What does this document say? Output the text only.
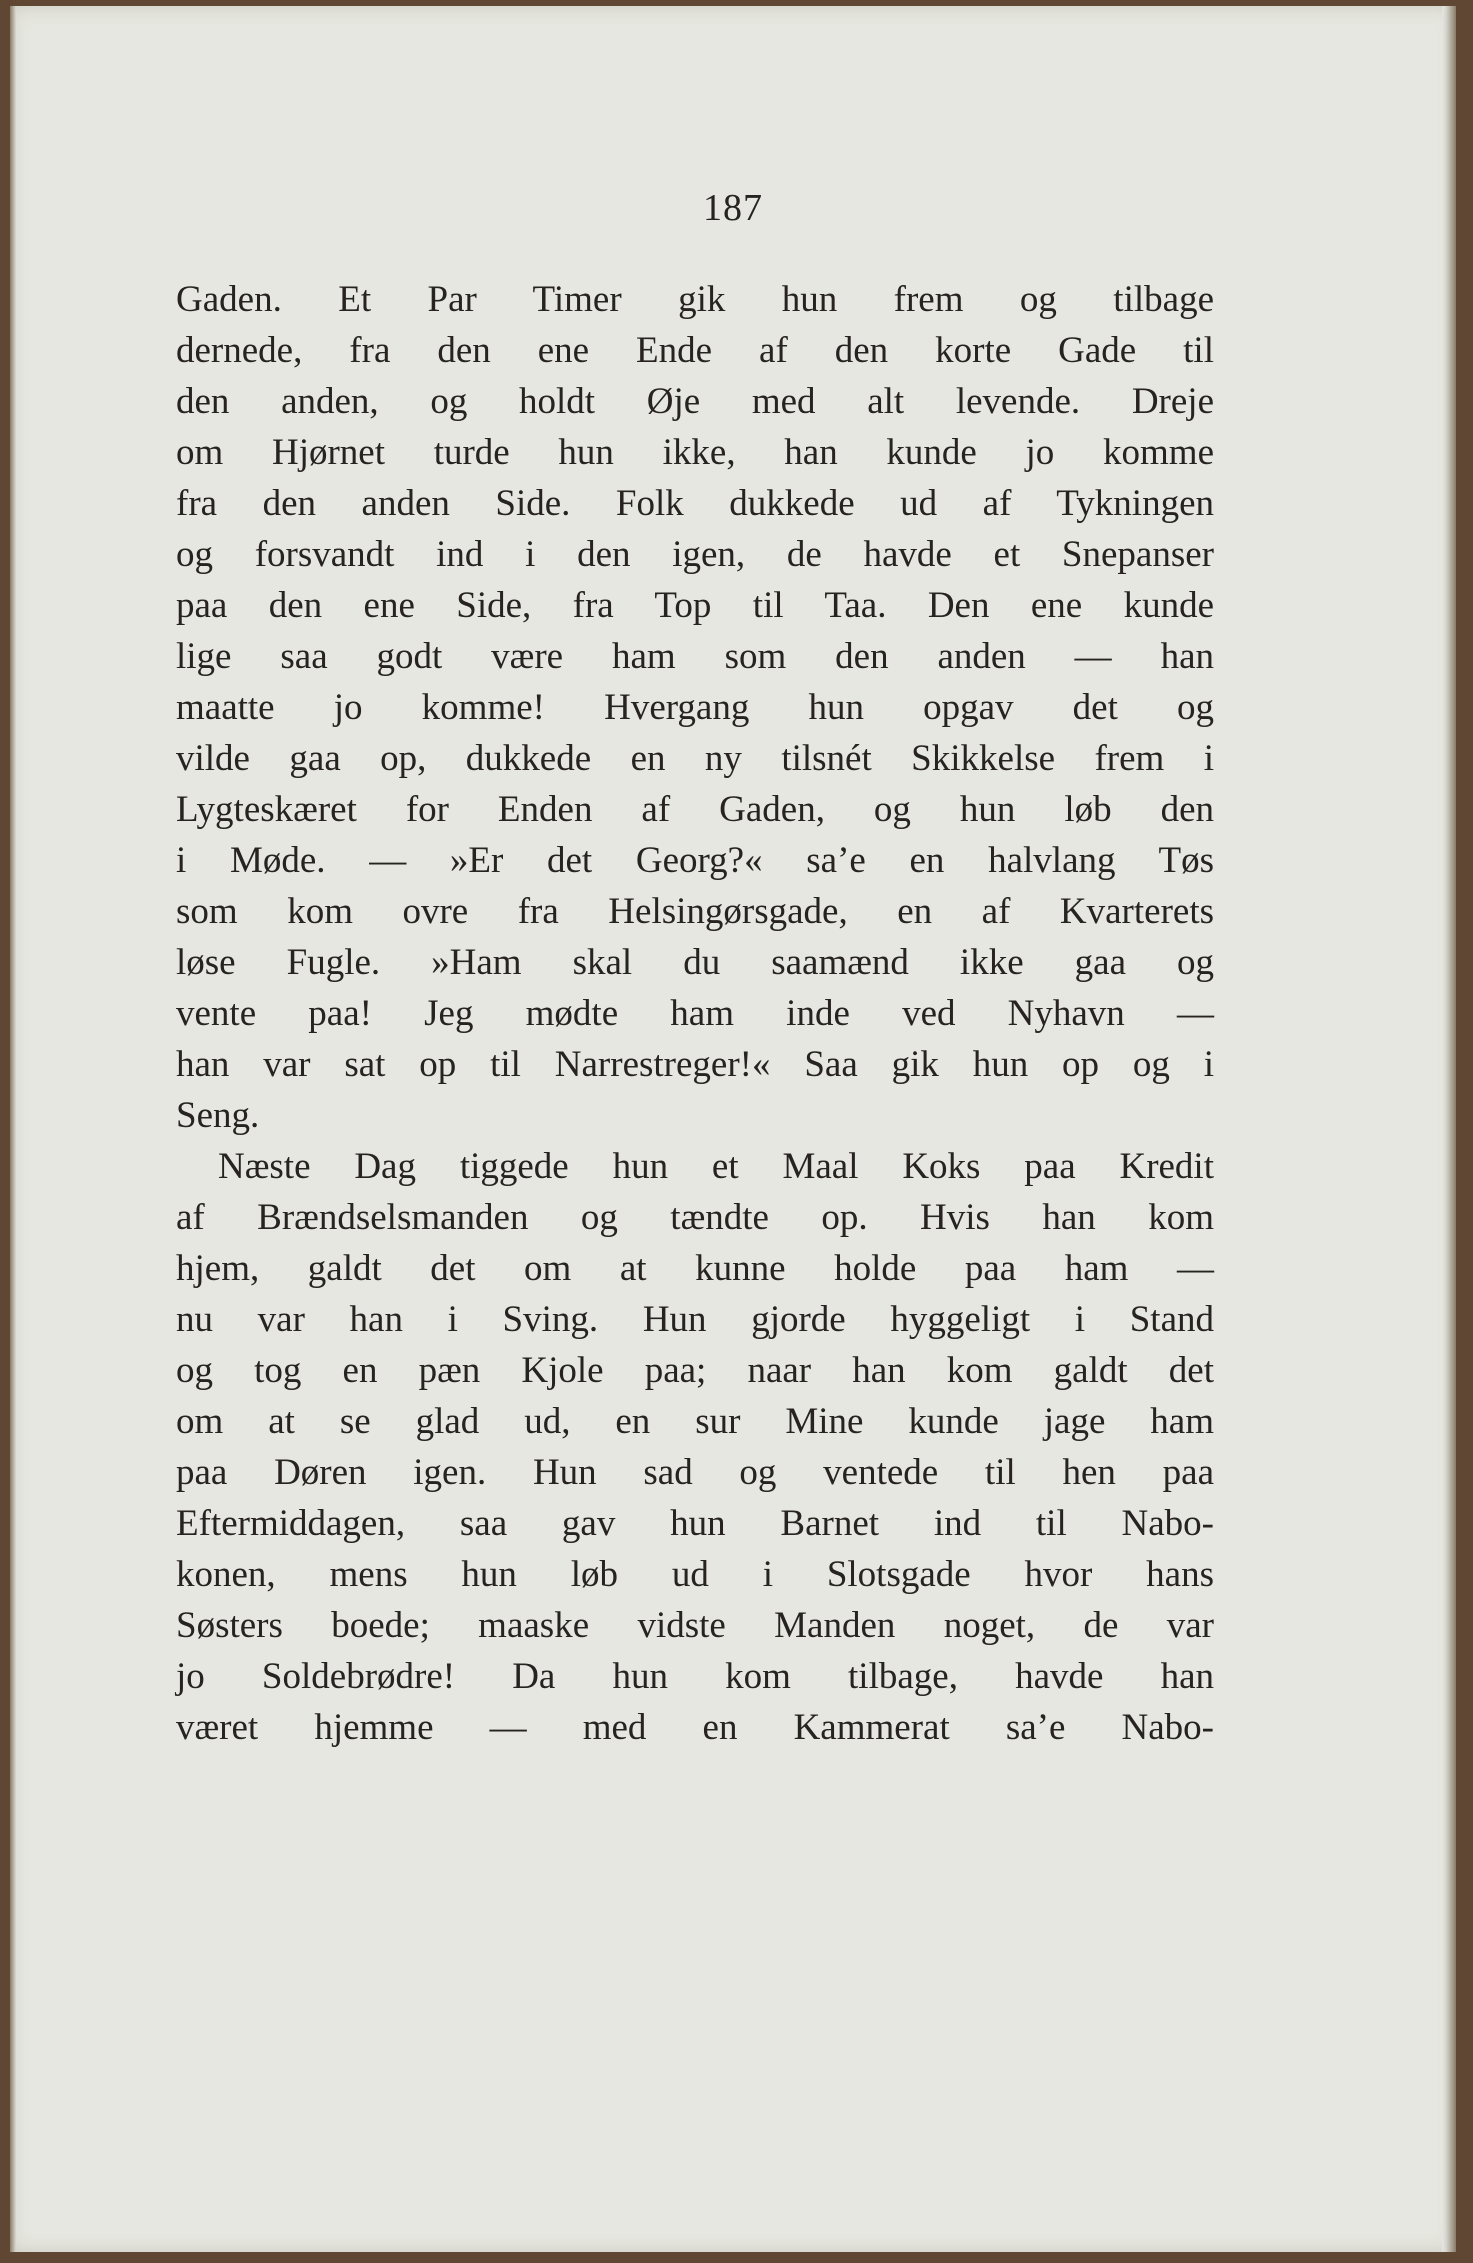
187
Gaden. Et Par Timer gik hun frem og tilbage
dernede, fra den ene Ende af den korte Gade til
den anden, og holdt Øje med alt levende. Dreje
om Hjørnet turde hun ikke, han kunde jo komme
fra den anden Side. Folk dukkede ud af Tykningen
og forsvandt ind i den igen, de havde et Snepanser
paa den ene Side, fra Top til Taa. Den ene kunde
lige saa godt være ham som den anden — han
maatte jo komme! Hvergang hun opgav det og
vilde gaa op, dukkede en ny tilsnét Skikkelse frem i
Lygteskæret for Enden af Gaden, og hun løb den
i Møde. — »Er det Georg?« sa’e en halvlang Tøs
som kom ovre fra Helsingørsgade, en af Kvarterets
løse Fugle. »Ham skal du saamænd ikke gaa og
vente paa! Jeg mødte ham inde ved Nyhavn —
han var sat op til Narrestreger!« Saa gik hun op og i
Seng.
Næste Dag tiggede hun et Maal Koks paa Kredit
af Brændselsmanden og tændte op. Hvis han kom
hjem, galdt det om at kunne holde paa ham —
nu var han i Sving. Hun gjorde hyggeligt i Stand
og tog en pæn Kjole paa; naar han kom galdt det
om at se glad ud, en sur Mine kunde jage ham
paa Døren igen. Hun sad og ventede til hen paa
Eftermiddagen, saa gav hun Barnet ind til Nabo-
konen, mens hun løb ud i Slotsgade hvor hans
Søsters boede; maaske vidste Manden noget, de var
jo Soldebrødre! Da hun kom tilbage, havde han
været hjemme — med en Kammerat sa’e Nabo-
